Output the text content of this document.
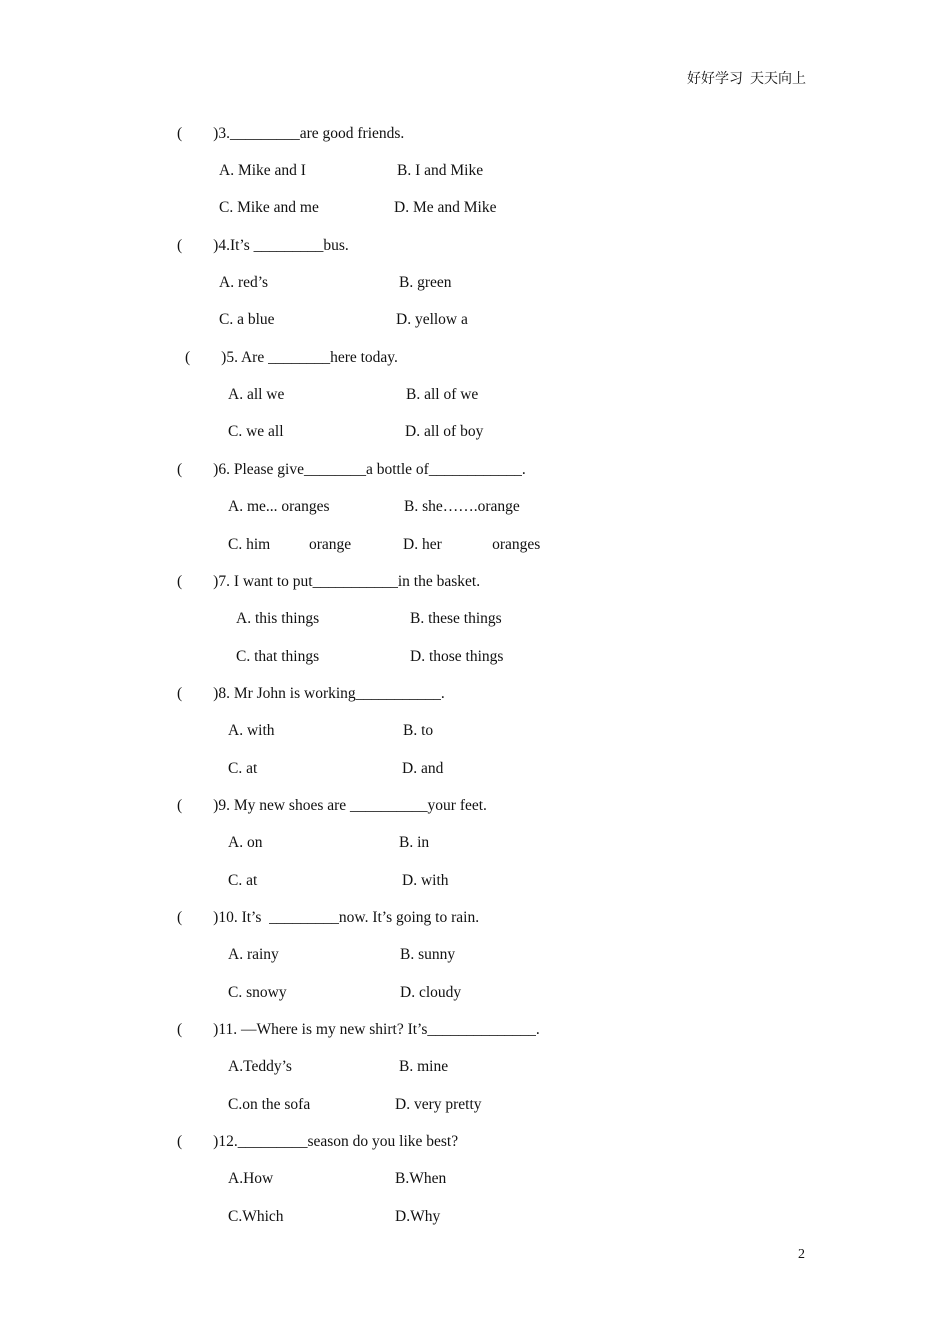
好好学习  天天向上
(        )3._________are good friends.
A. Mike and I	B. I and Mike
C. Mike and me	D. Me and Mike
(        )4.It’s _________bus.
A. red’s	B. green
C. a blue	D. yellow a
(        )5. Are ________here today.
A. all we	B. all of we
C. we all	D. all of boy
(        )6. Please give________a bottle of____________.
A. me... oranges	B. she…….orange
C. him          orange	D. her             oranges
(        )7. I want to put___________in the basket.
A. this things	B. these things
C. that things	D. those things
(        )8. Mr John is working___________.
A. with	B. to
C. at	D. and
(        )9. My new shoes are __________your feet.
A. on	B. in
C. at	D. with
(        )10. It’s  _________now. It’s going to rain.
A. rainy	B. sunny
C. snowy	D. cloudy
(        )11. —Where is my new shirt? It’s______________.
A.Teddy’s	B. mine
C.on the sofa	D. very pretty
(        )12._________season do you like best?
A.How	B.When
C.Which	D.Why
2
